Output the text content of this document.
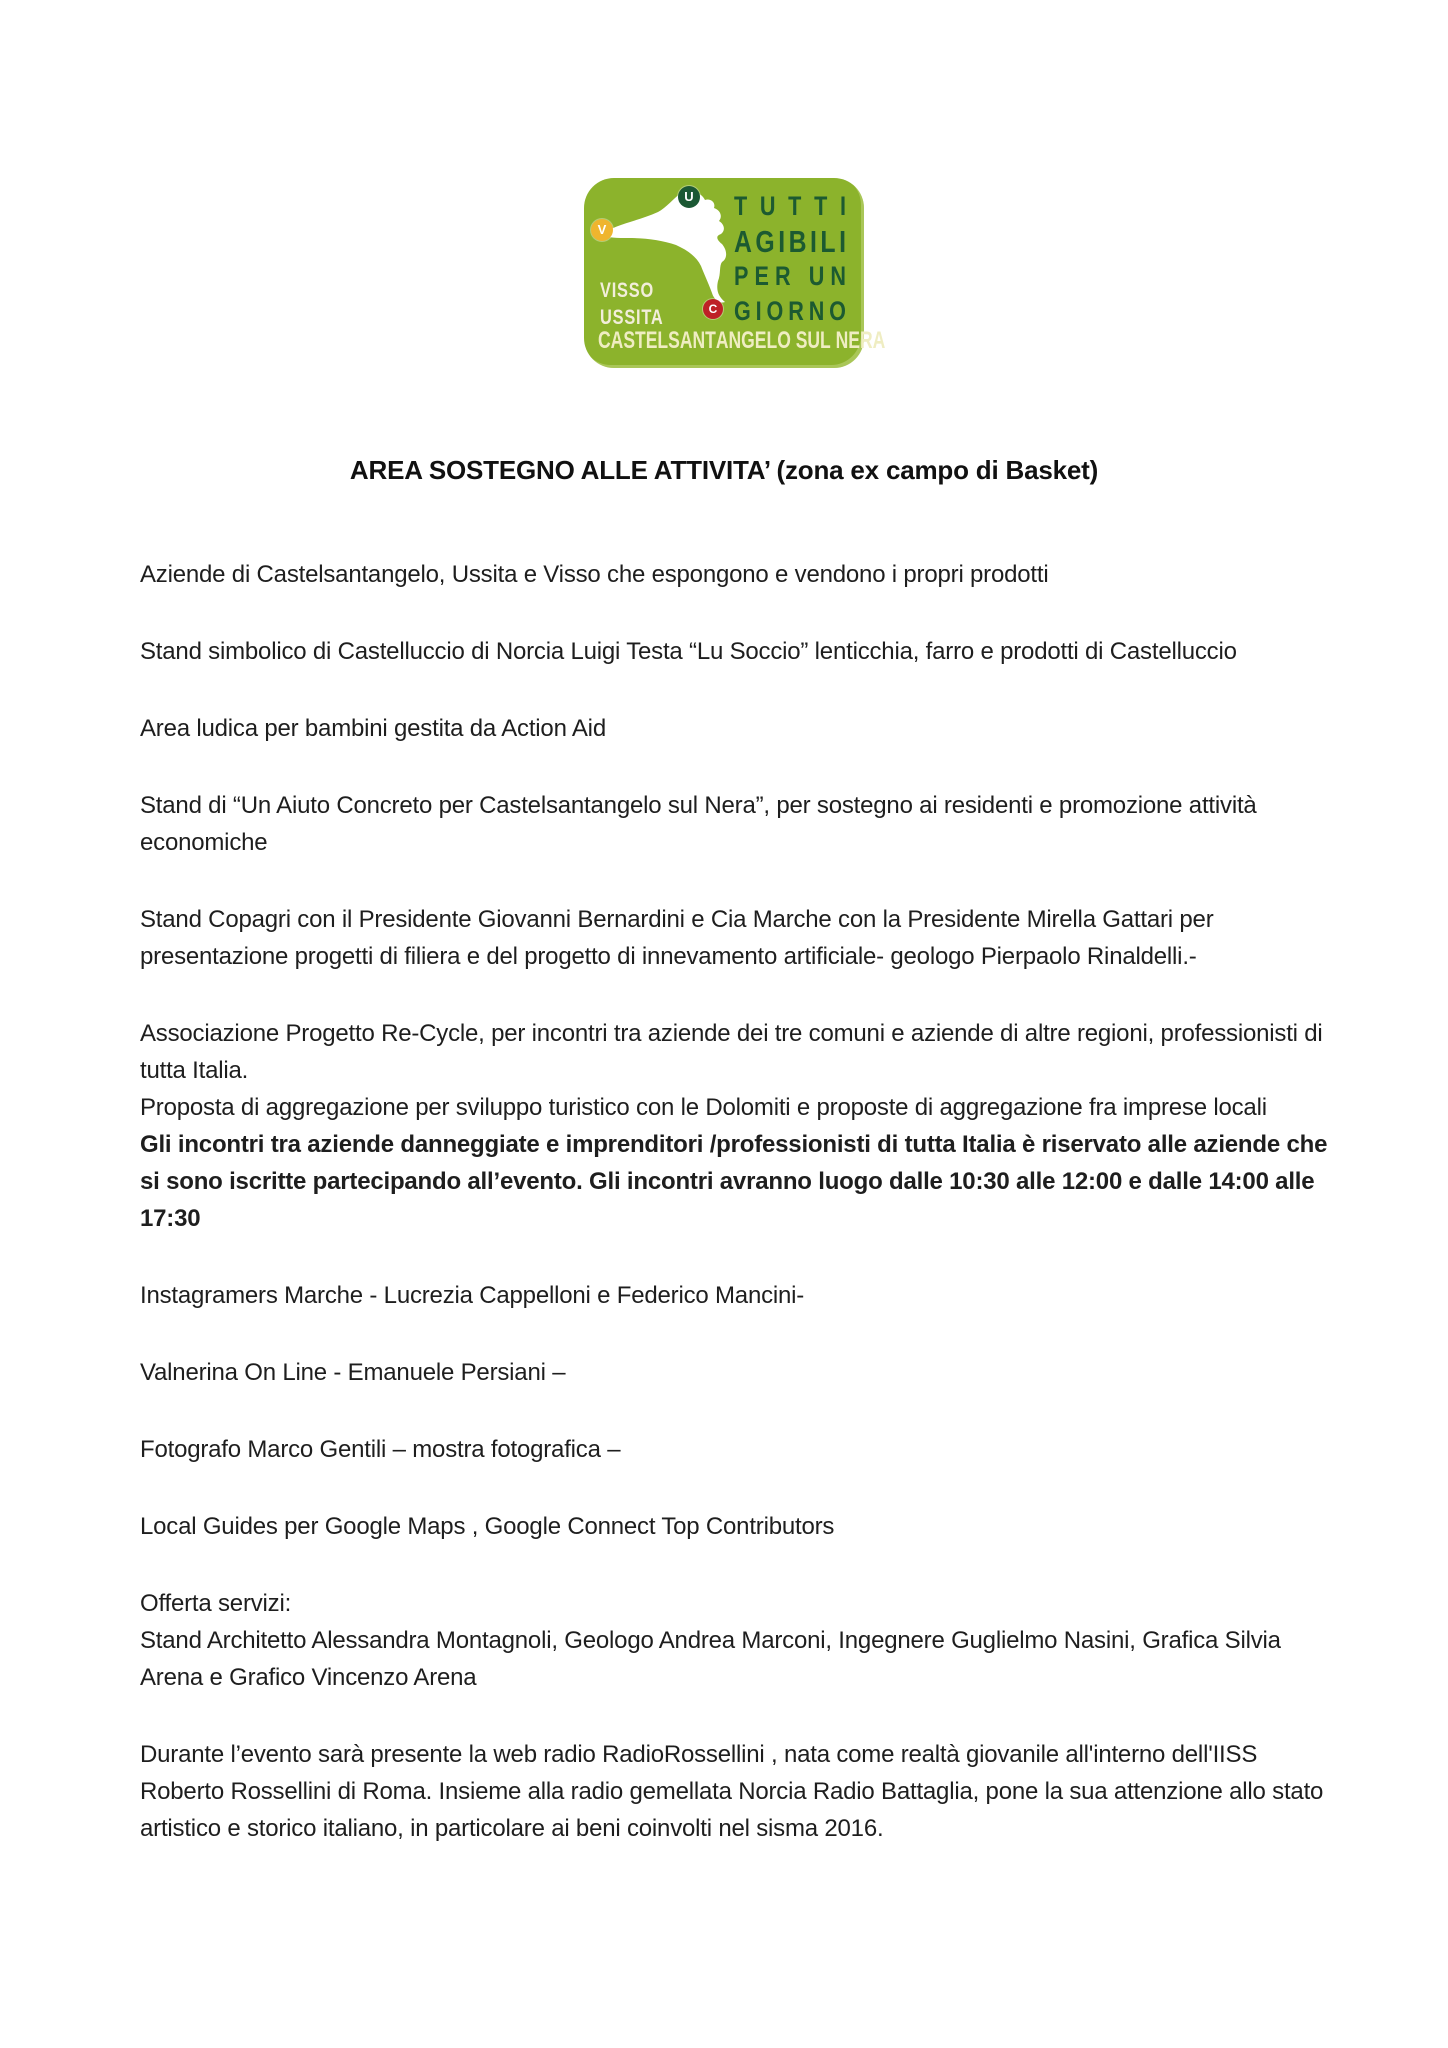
V
U
C
T U T T I
A G I B I L I
P E R
U N
G I O R N O
VISSO
USSITA
C A S T E L S A N T A N G E L O
S U L
N E R A
AREA SOSTEGNO ALLE ATTIVITA’ (zona ex campo di Basket)

Aziende di Castelsantangelo, Ussita e Visso che espongono e vendono i propri prodotti

Stand simbolico di Castelluccio di Norcia Luigi Testa “Lu Soccio” lenticchia, farro e prodotti di Castelluccio

Area ludica per bambini gestita da Action Aid

Stand di “Un Aiuto Concreto per Castelsantangelo sul Nera”, per sostegno ai residenti e promozione attività economiche

Stand Copagri con il Presidente Giovanni Bernardini e Cia Marche con la Presidente Mirella Gattari per presentazione progetti di filiera e del progetto di innevamento artificiale- geologo Pierpaolo Rinaldelli.-

Associazione Progetto Re-Cycle, per incontri tra aziende dei tre comuni e aziende di altre regioni, professionisti di tutta Italia.
Proposta di aggregazione per sviluppo turistico con le Dolomiti e proposte di aggregazione fra imprese locali
Gli incontri tra aziende danneggiate e imprenditori /professionisti di tutta Italia è riservato alle aziende che si sono iscritte partecipando all’evento. Gli incontri avranno luogo dalle 10:30 alle 12:00 e dalle 14:00 alle 17:30

Instagramers Marche - Lucrezia Cappelloni e Federico Mancini-

Valnerina On Line - Emanuele Persiani –

Fotografo Marco Gentili – mostra fotografica –

Local Guides per Google Maps , Google Connect Top Contributors

Offerta servizi:
Stand Architetto Alessandra Montagnoli, Geologo Andrea Marconi, Ingegnere Guglielmo Nasini, Grafica Silvia Arena e Grafico Vincenzo Arena

Durante l’evento sarà presente la web radio RadioRossellini , nata come realtà giovanile all'interno dell'IISS Roberto Rossellini di Roma. Insieme alla radio gemellata Norcia Radio Battaglia, pone la sua attenzione allo stato artistico e storico italiano, in particolare ai beni coinvolti nel sisma 2016.
